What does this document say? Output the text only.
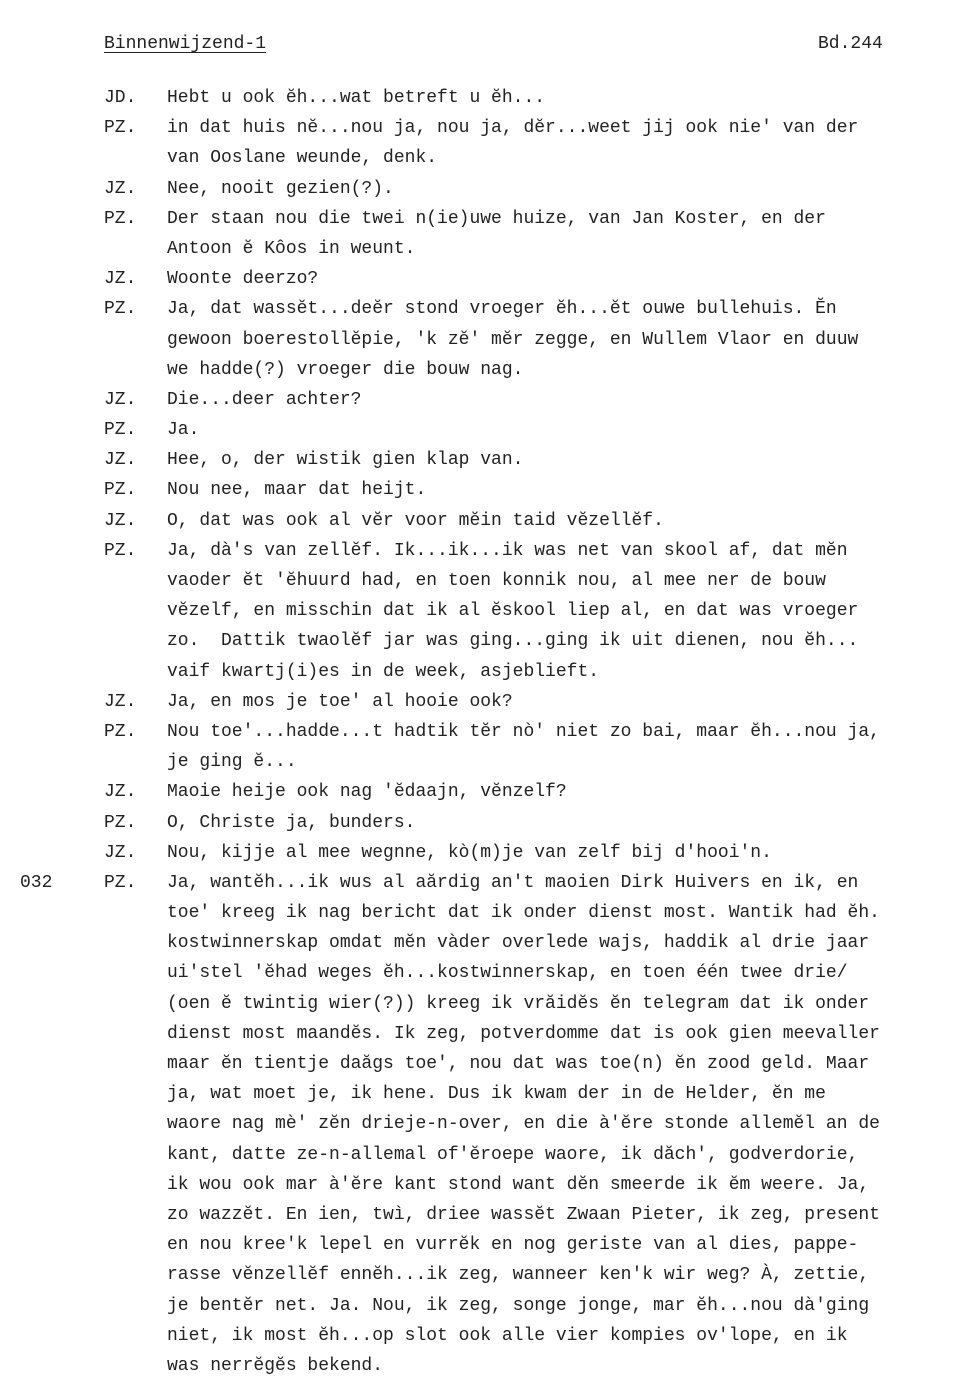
Binnenwijzend-1	Bd.244
JD. Hebt u ook ĕh...wat betreft u ĕh...
PZ. in dat huis nĕ...nou ja, nou ja, dĕr...weet jij ook nie' van der
van Ooslane weunde, denk.
JZ. Nee, nooit gezien(?).
PZ. Der staan nou die twei n(ie)uwe huize, van Jan Koster, en der
Antoon ĕ Kôos in weunt.
JZ. Woonte deerzo?
PZ. Ja, dat wassĕt...deĕr stond vroeger ĕh...ĕt ouwe bullehuis. Ĕn
gewoon boerestollĕpie, 'k zĕ' mĕr zegge, en Wullem Vlaor en duuw
we hadde(?) vroeger die bouw nag.
JZ. Die...deer achter?
PZ. Ja.
JZ. Hee, o, der wistik gien klap van.
PZ. Nou nee, maar dat heijt.
JZ. O, dat was ook al vĕr voor mĕin taid vĕzellĕf.
PZ. Ja, dà's van zellĕf. Ik...ik...ik was net van skool af, dat mĕn
vaoder ĕt 'ĕhuurd had, en toen konnik nou, al mee ner de bouw
vĕzelf, en misschin dat ik al ĕskool liep al, en dat was vroeger
zo.  Dattik twaolĕf jar was ging...ging ik uit dienen, nou ĕh...
vaif kwartj(i)es in de week, asjeblieft.
JZ. Ja, en mos je toe' al hooie ook?
PZ. Nou toe'...hadde...t hadtik tĕr nò' niet zo bai, maar ĕh...nou ja,
je ging ĕ...
JZ. Maoie heije ook nag 'ĕdaajn, vĕnzelf?
PZ. O, Christe ja, bunders.
JZ. Nou, kijje al mee wegnne, kò(m)je van zelf bij d'hooi'n.
032	PZ. Ja, wantĕh...ik wus al aărdig an't maoien Dirk Huivers en ik, en
toe' kreeg ik nag bericht dat ik onder dienst most. Wantik had ĕh.
kostwinnerskap omdat mĕn vàder overlede wajs, haddik al drie jaar
ui'stel 'ĕhad weges ĕh...kostwinnerskap, en toen één twee drie/
(oen ĕ twintig wier(?)) kreeg ik vrăidĕs ĕn telegram dat ik onder
dienst most maandĕs. Ik zeg, potverdomme dat is ook gien meevaller
maar ĕn tientje daăgs toe', nou dat was toe(n) ĕn zood geld. Maar
ja, wat moet je, ik hene. Dus ik kwam der in de Helder, ĕn me
waore nag mè' zĕn drieje-n-over, en die à'ĕre stonde allemĕl an de
kant, datte ze-n-allemal of'ĕroepe waore, ik dăch', godverdorie,
ik wou ook mar à'ĕre kant stond want dĕn smeerde ik ĕm weere. Ja,
zo wazzĕt. En ien, twì, driee wassĕt Zwaan Pieter, ik zeg, present
en nou kree'k lepel en vurrĕk en nog geriste van al dies, pappe-
rasse vĕnzellĕf ennĕh...ik zeg, wanneer ken'k wir weg? À, zettie,
je bentĕr net. Ja. Nou, ik zeg, songe jonge, mar ĕh...nou dà'ging
niet, ik most ĕh...op slot ook alle vier kompies ov'lope, en ik
was nerrĕgĕs bekend.
